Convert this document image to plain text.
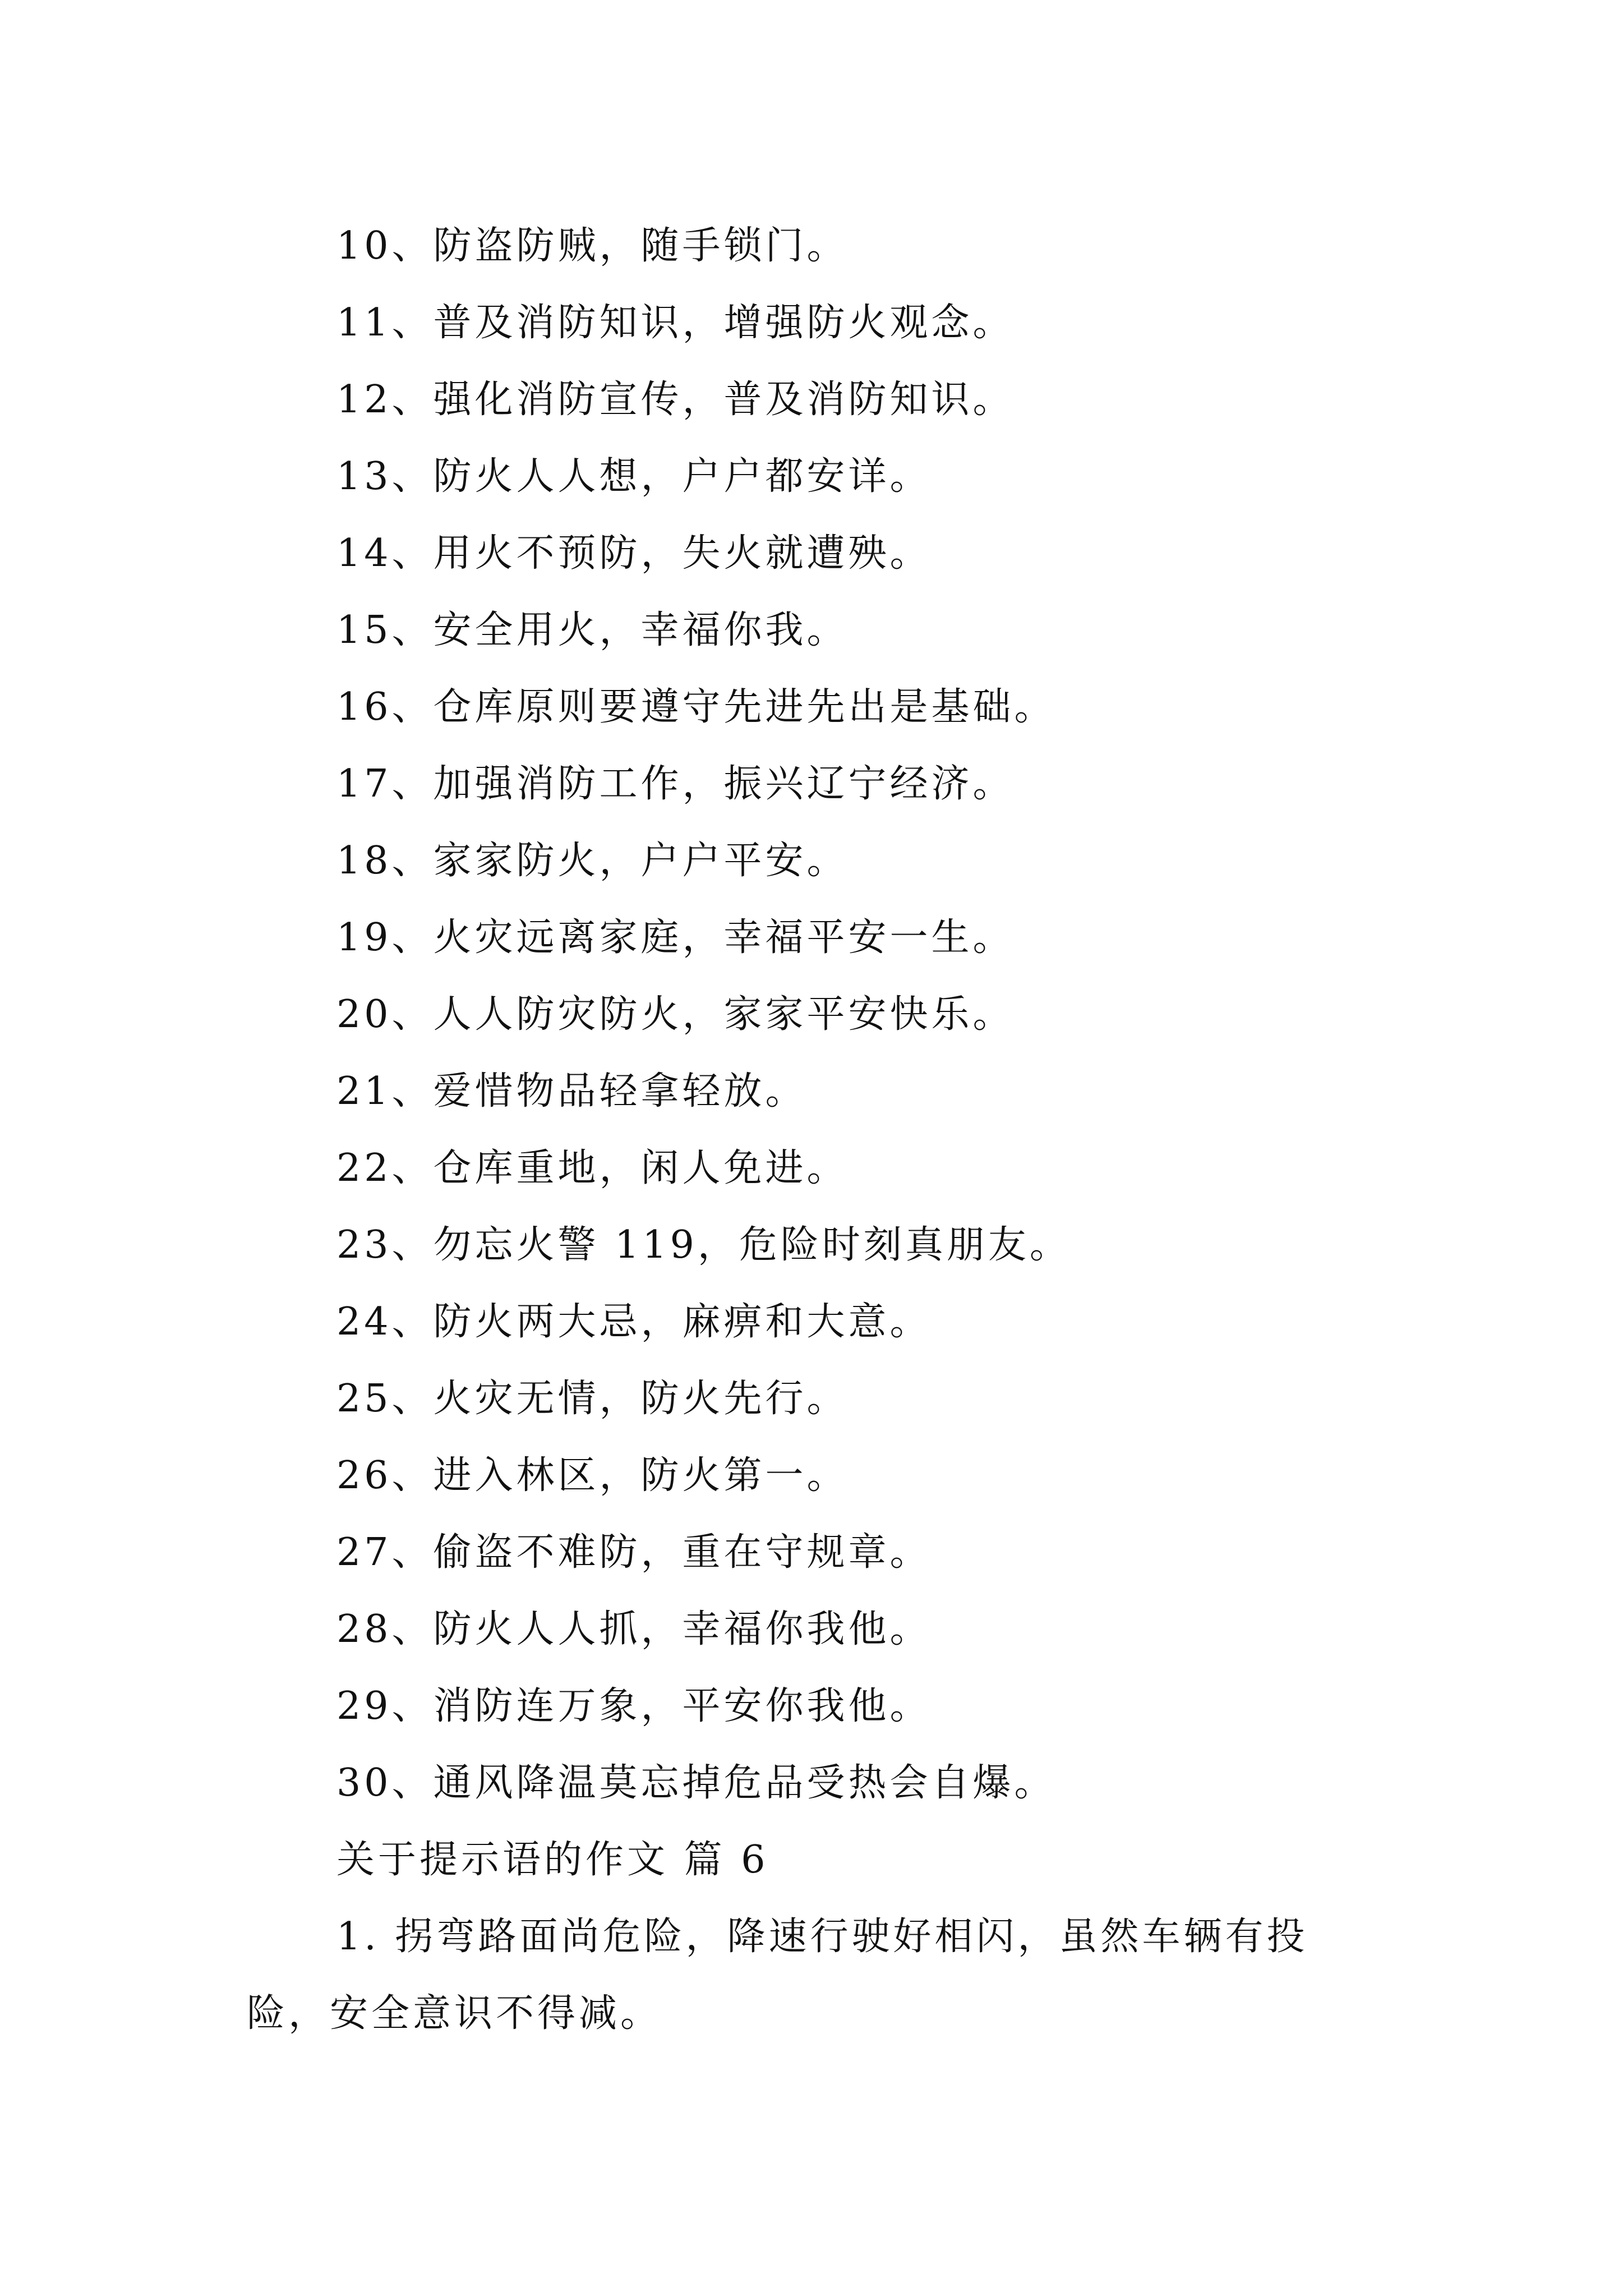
10、防盗防贼，随手锁门。
11、普及消防知识，增强防火观念。
12、强化消防宣传，普及消防知识。
13、防火人人想，户户都安详。
14、用火不预防，失火就遭殃。
15、安全用火，幸福你我。
16、仓库原则要遵守先进先出是基础。
17、加强消防工作，振兴辽宁经济。
18、家家防火，户户平安。
19、火灾远离家庭，幸福平安一生。
20、人人防灾防火，家家平安快乐。
21、爱惜物品轻拿轻放。
22、仓库重地，闲人免进。
23、勿忘火警 119，危险时刻真朋友。
24、防火两大忌，麻痹和大意。
25、火灾无情，防火先行。
26、进入林区，防火第一。
27、偷盗不难防，重在守规章。
28、防火人人抓，幸福你我他。
29、消防连万象，平安你我他。
30、通风降温莫忘掉危品受热会自爆。
关于提示语的作文 篇 6
1. 拐弯路面尚危险，降速行驶好相闪，虽然车辆有投险，安全意识不得减。
